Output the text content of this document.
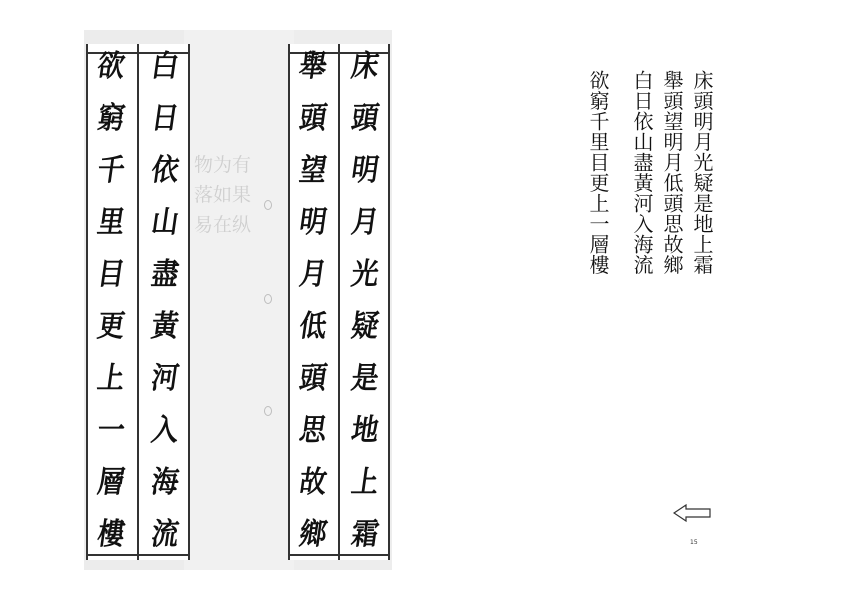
物为有
落如果
易在纵
欲
窮
千
里
目
更
上
一
層
樓
白
日
依
山
盡
黃
河
入
海
流
舉
頭
望
明
月
低
頭
思
故
鄉
床
頭
明
月
光
疑
是
地
上
霜
床頭明月光疑是地上霜
舉頭望明月低頭思故鄉
白日依山盡黃河入海流
欲窮千里目更上一層樓
15
